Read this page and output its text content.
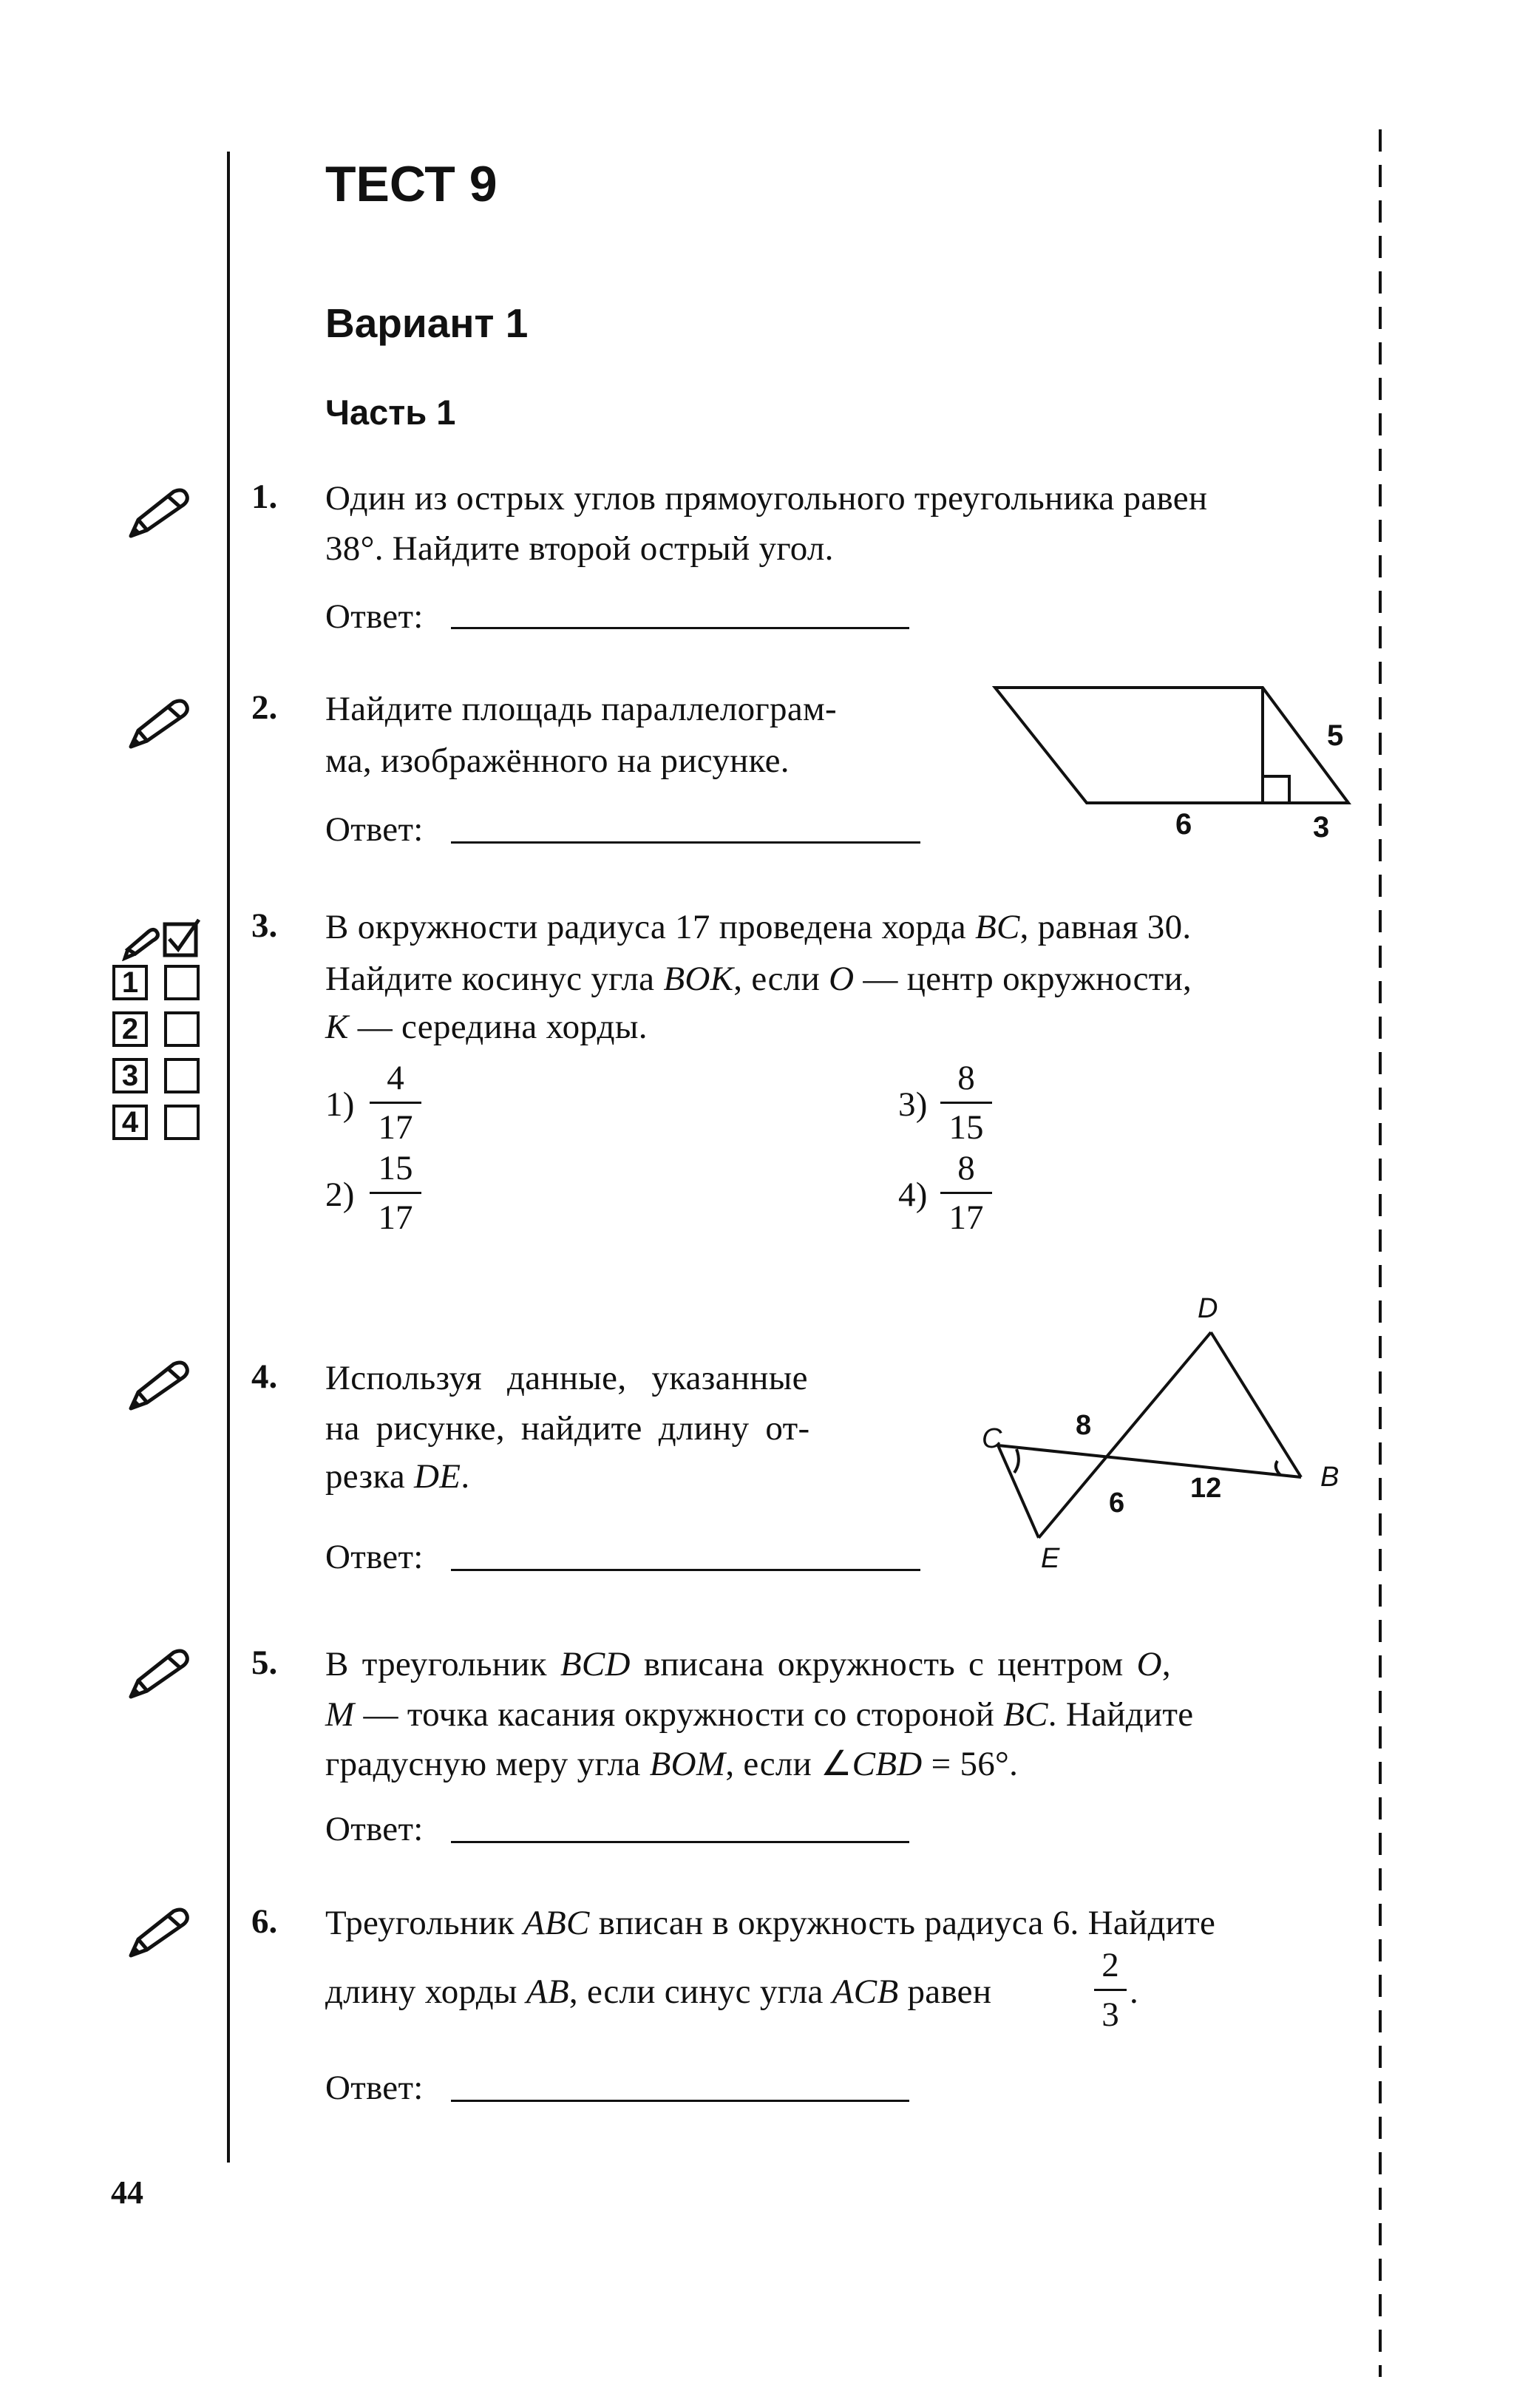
ТЕСТ 9
Вариант 1
Часть 1
1. Один из острых углов прямоугольного треугольника равен
38°. Найдите второй острый угол.
Ответ:
2. Найдите площадь параллелограм-
ма, изображённого на рисунке.
Ответ:
5
6	3
1
2
3
4
3. В окружности радиуса 17 проведена хорда BC, равная 30.
Найдите косинус угла BOK, если O — центр окружности,
K — середина хорды.
1)
4
17
2)
15
17
3)
8
15
4)
8
17
4. Используя данные, указанные
на рисунке, найдите длину от-
резка DE.
Ответ:
D
C
B
E
8
12
6
5. В треугольник BCD вписана окружность с центром O,
M — точка касания окружности со стороной BC. Найдите
градусную меру угла BOM, если ∠CBD = 56°.
Ответ:
6. Треугольник ABC вписан в окружность радиуса 6. Найдите
длину хорды AB, если синус угла ACB равен
2
3
.
Ответ:
44
